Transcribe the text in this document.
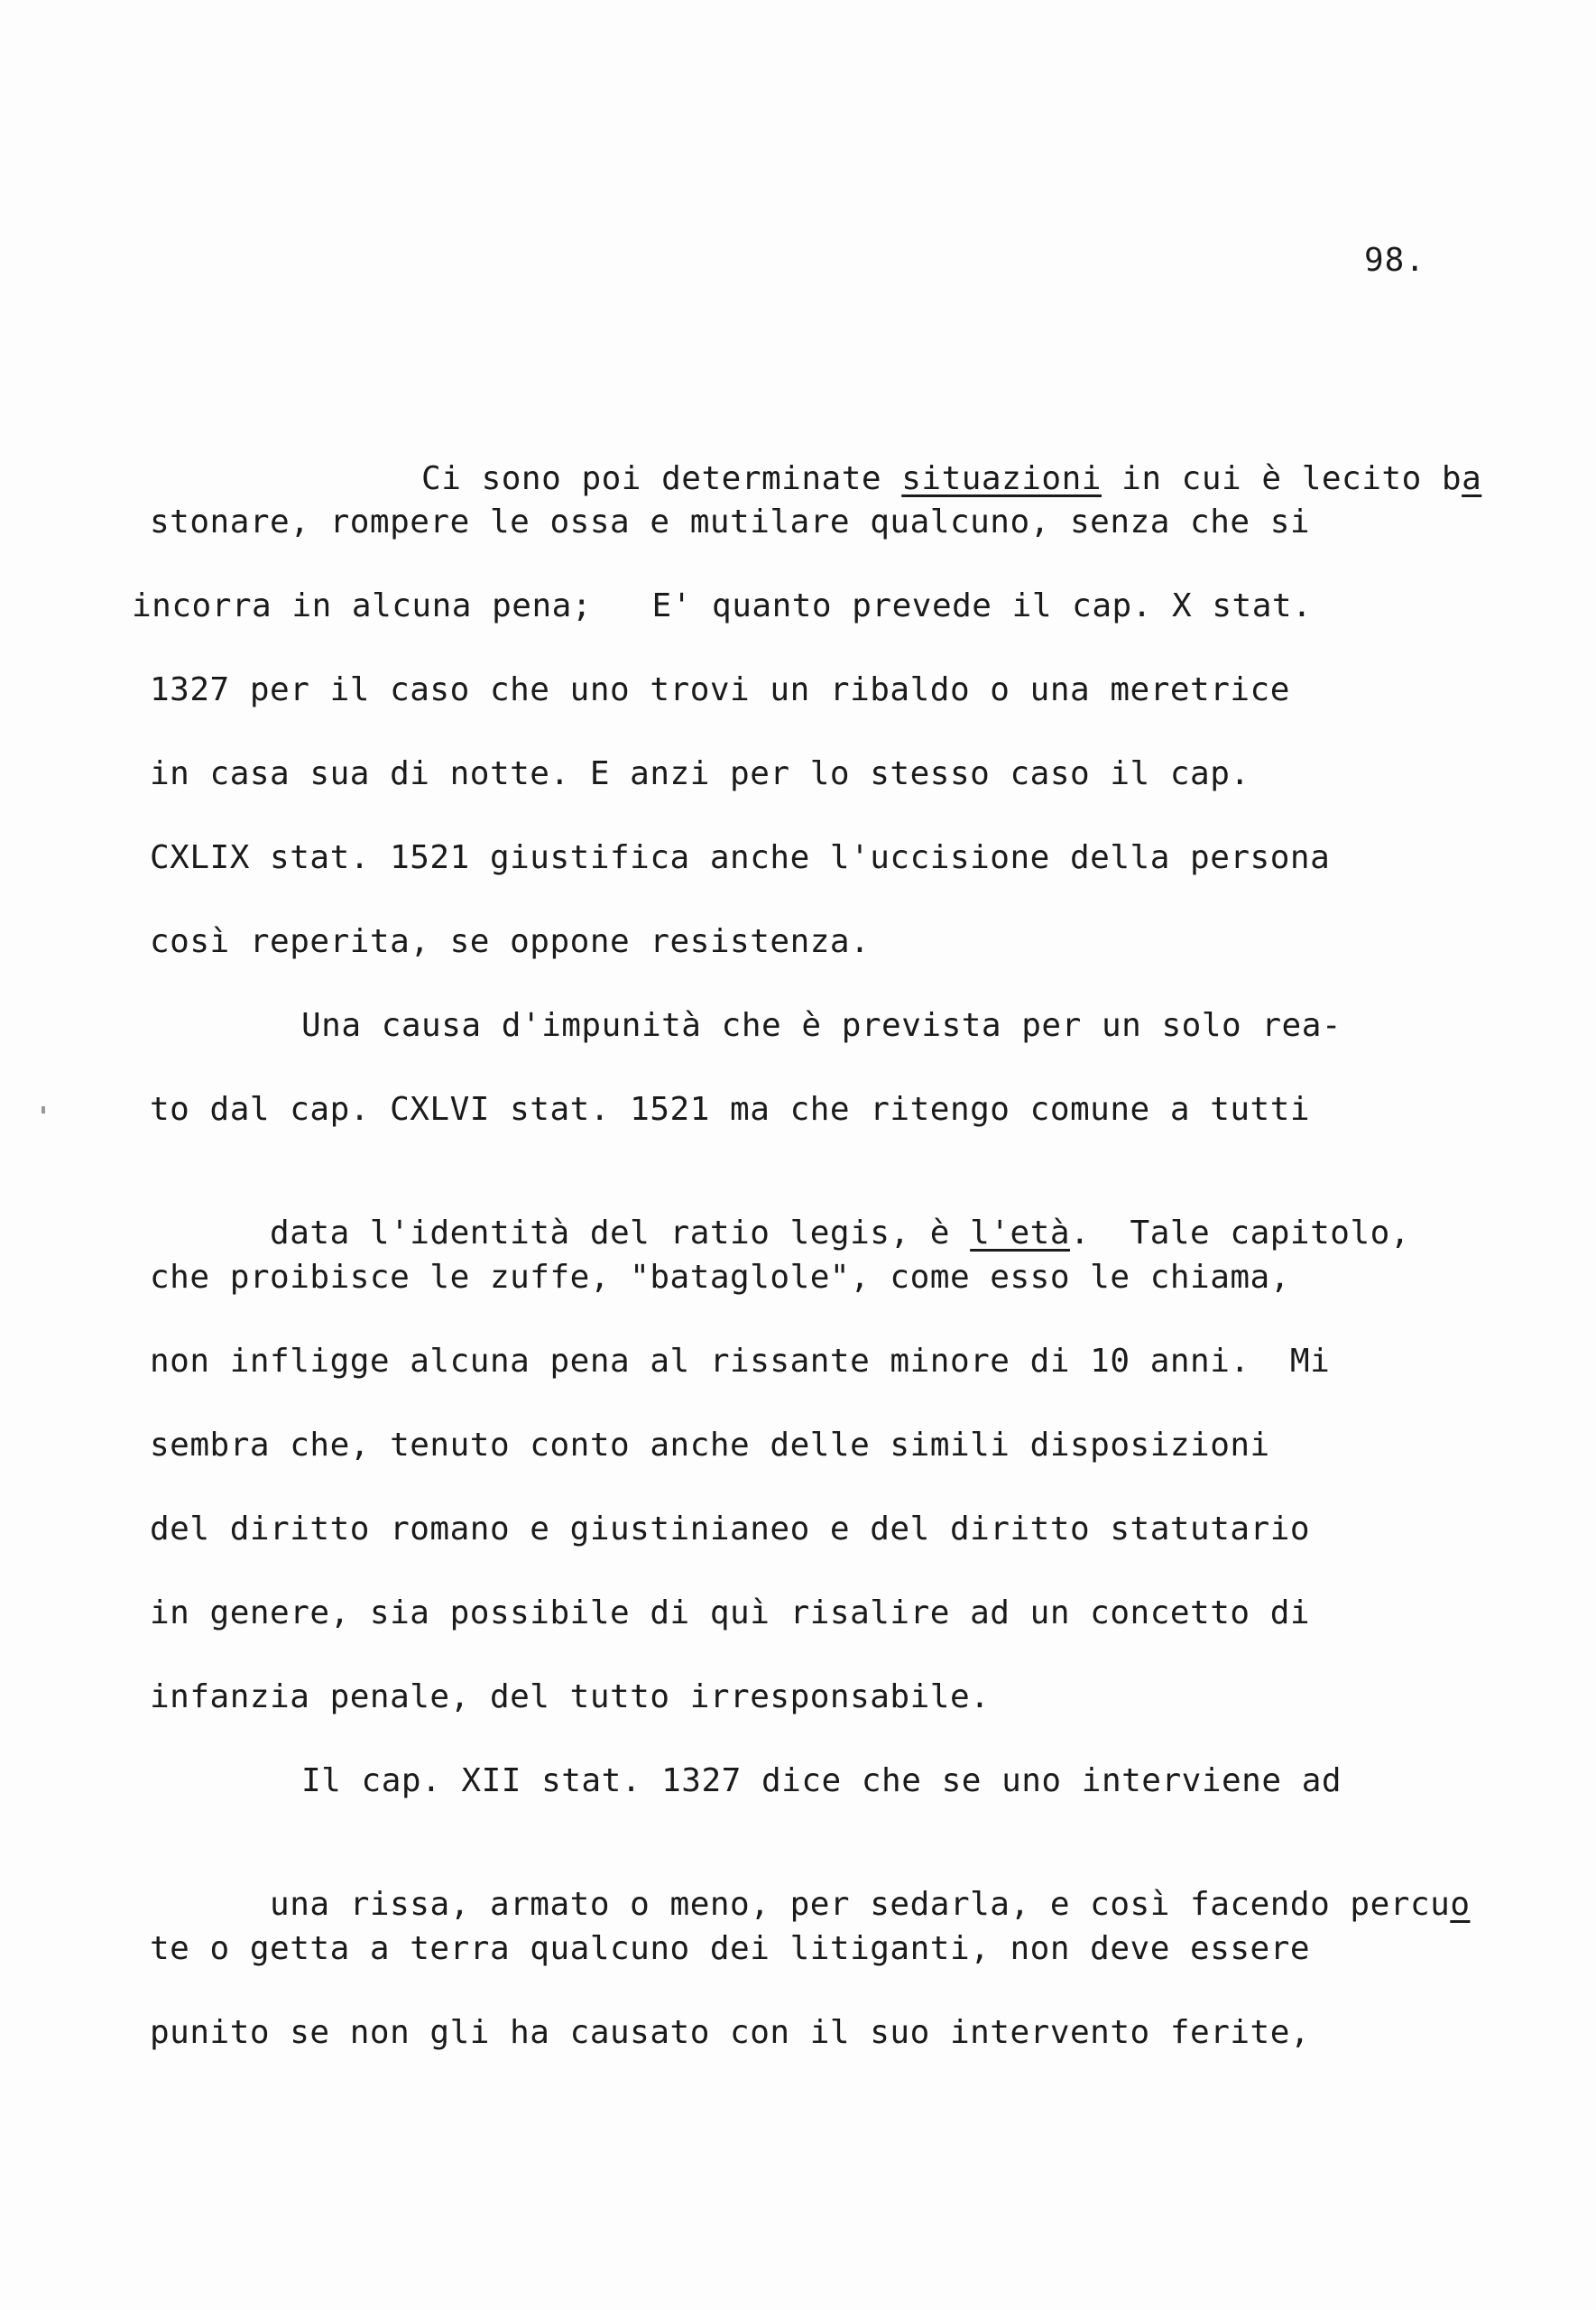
98.

Ci sono poi determinate situazioni in cui è lecito ba

stonare, rompere le ossa e mutilare qualcuno, senza che si
incorra in alcuna pena;   E' quanto prevede il cap. X stat.
1327 per il caso che uno trovi un ribaldo o una meretrice
in casa sua di notte. E anzi per lo stesso caso il cap.
CXLIX stat. 1521 giustifica anche l'uccisione della persona
così reperita, se oppone resistenza.
Una causa d'impunità che è prevista per un solo rea-
to dal cap. CXLVI stat. 1521 ma che ritengo comune a tutti

data l'identità del ratio legis, è l'età.  Tale capitolo,

che proibisce le zuffe, "bataglole", come esso le chiama,
non infligge alcuna pena al rissante minore di 10 anni.  Mi
sembra che, tenuto conto anche delle simili disposizioni
del diritto romano e giustinianeo e del diritto statutario
in genere, sia possibile di quì risalire ad un concetto di
infanzia penale, del tutto irresponsabile.
Il cap. XII stat. 1327 dice che se uno interviene ad

una rissa, armato o meno, per sedarla, e così facendo percuo

te o getta a terra qualcuno dei litiganti, non deve essere
punito se non gli ha causato con il suo intervento ferite,
